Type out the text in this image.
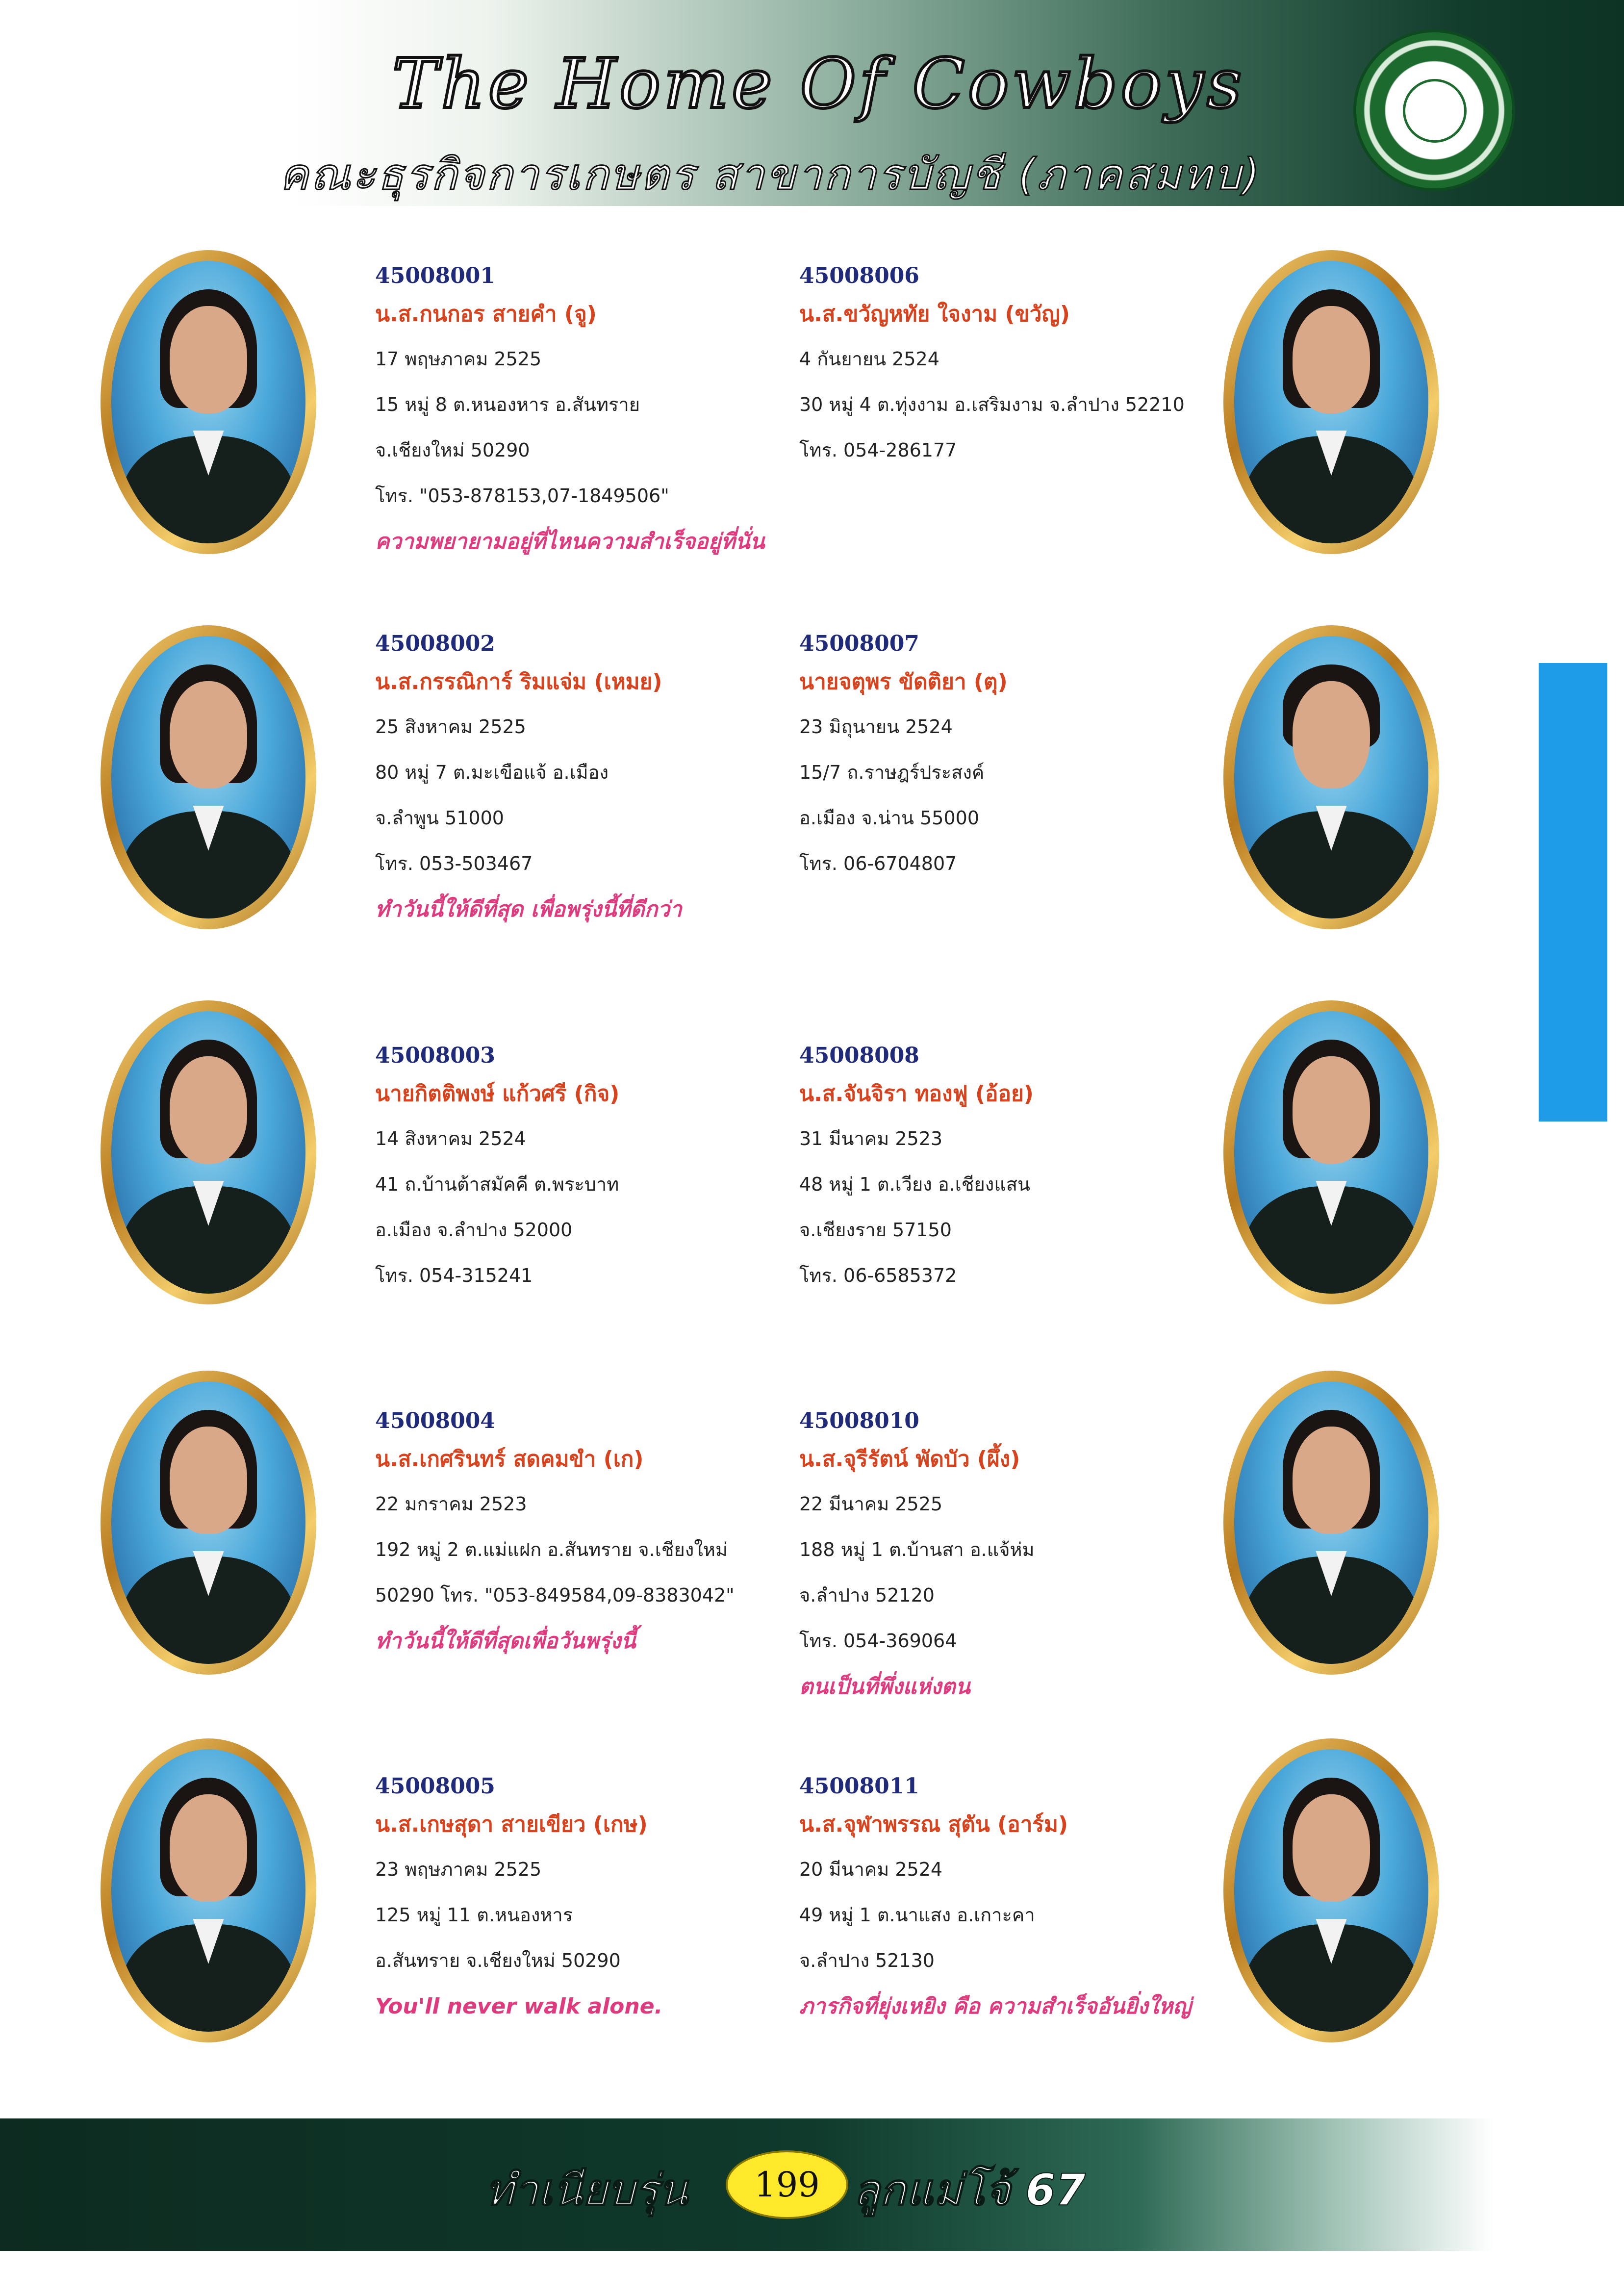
The Home Of Cowboys
คณะธุรกิจการเกษตร สาขาการบัญชี (ภาคสมทบ)
45008001
น.ส.กนกอร สายคำ (จู)
17 พฤษภาคม 2525
15 หมู่ 8 ต.หนองหาร อ.สันทราย
จ.เชียงใหม่ 50290
โทร. "053-878153,07-1849506"
ความพยายามอยู่ที่ไหนความสำเร็จอยู่ที่นั่น
45008002
น.ส.กรรณิการ์ ริมแจ่ม (เหมย)
25 สิงหาคม 2525
80 หมู่ 7 ต.มะเขือแจ้ อ.เมือง
จ.ลำพูน 51000
โทร. 053-503467
ทำวันนี้ให้ดีที่สุด เพื่อพรุ่งนี้ที่ดีกว่า
45008003
นายกิตติพงษ์ แก้วศรี (กิจ)
14 สิงหาคม 2524
41 ถ.บ้านต้าสมัคคี ต.พระบาท
อ.เมือง จ.ลำปาง 52000
โทร. 054-315241
45008004
น.ส.เกศรินทร์ สดคมขำ (เก)
22 มกราคม 2523
192 หมู่ 2 ต.แม่แฝก อ.สันทราย จ.เชียงใหม่
50290 โทร. "053-849584,09-8383042"
ทำวันนี้ให้ดีที่สุดเพื่อวันพรุ่งนี้
45008005
น.ส.เกษสุดา สายเขียว (เกษ)
23 พฤษภาคม 2525
125 หมู่ 11 ต.หนองหาร
อ.สันทราย จ.เชียงใหม่ 50290
You'll never walk alone.
45008006
น.ส.ขวัญหทัย ใจงาม (ขวัญ)
4 กันยายน 2524
30 หมู่ 4 ต.ทุ่งงาม อ.เสริมงาม จ.ลำปาง 52210
โทร. 054-286177
45008007
นายจตุพร ขัดติยา (ตุ)
23 มิถุนายน 2524
15/7 ถ.ราษฎร์ประสงค์
อ.เมือง จ.น่าน 55000
โทร. 06-6704807
45008008
น.ส.จันจิรา ทองฟู (อ้อย)
31 มีนาคม 2523
48 หมู่ 1 ต.เวียง อ.เชียงแสน
จ.เชียงราย 57150
โทร. 06-6585372
45008010
น.ส.จุรีรัตน์ พัดบัว (ผึ้ง)
22 มีนาคม 2525
188 หมู่ 1 ต.บ้านสา อ.แจ้ห่ม
จ.ลำปาง 52120
โทร. 054-369064
ตนเป็นที่พึ่งแห่งตน
45008011
น.ส.จุฬาพรรณ สุตัน (อาร์ม)
20 มีนาคม 2524
49 หมู่ 1 ต.นาแสง อ.เกาะคา
จ.ลำปาง 52130
ภารกิจที่ยุ่งเหยิง คือ ความสำเร็จอันยิ่งใหญ่
ทำเนียบรุ่น	199 ลูกแม่โจ้ 67
